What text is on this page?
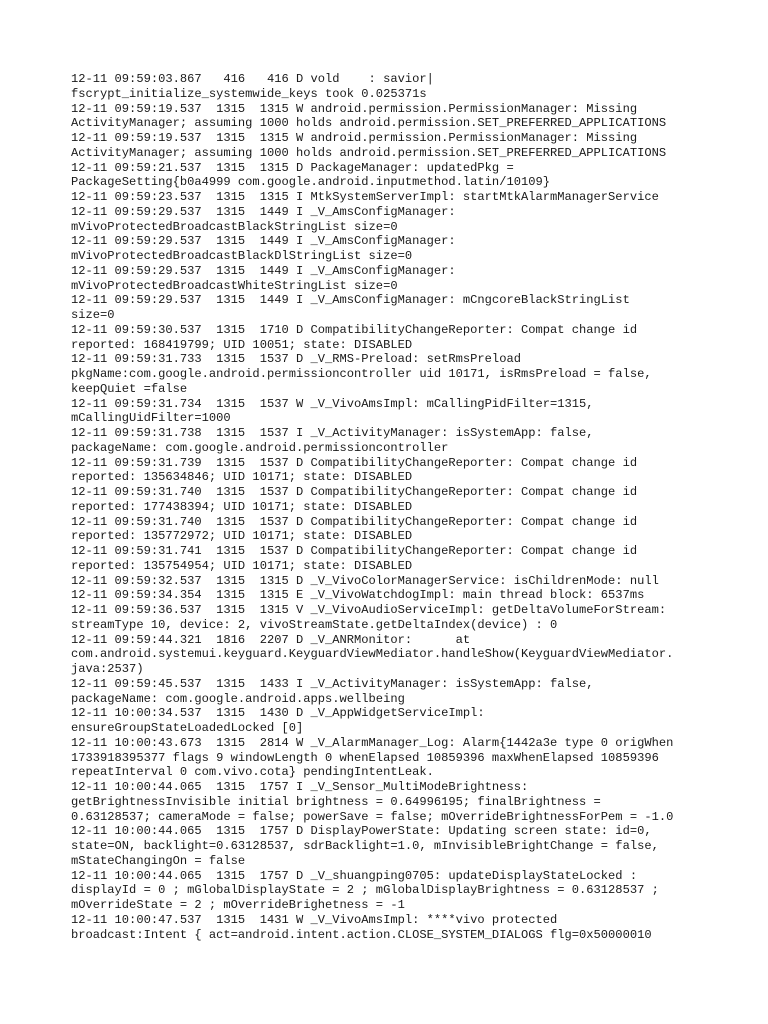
12-11 09:59:03.867   416   416 D vold    : savior|
fscrypt_initialize_systemwide_keys took 0.025371s
12-11 09:59:19.537  1315  1315 W android.permission.PermissionManager: Missing
ActivityManager; assuming 1000 holds android.permission.SET_PREFERRED_APPLICATIONS
12-11 09:59:19.537  1315  1315 W android.permission.PermissionManager: Missing
ActivityManager; assuming 1000 holds android.permission.SET_PREFERRED_APPLICATIONS
12-11 09:59:21.537  1315  1315 D PackageManager: updatedPkg =
PackageSetting{b0a4999 com.google.android.inputmethod.latin/10109}
12-11 09:59:23.537  1315  1315 I MtkSystemServerImpl: startMtkAlarmManagerService
12-11 09:59:29.537  1315  1449 I _V_AmsConfigManager:
mVivoProtectedBroadcastBlackStringList size=0
12-11 09:59:29.537  1315  1449 I _V_AmsConfigManager:
mVivoProtectedBroadcastBlackDlStringList size=0
12-11 09:59:29.537  1315  1449 I _V_AmsConfigManager:
mVivoProtectedBroadcastWhiteStringList size=0
12-11 09:59:29.537  1315  1449 I _V_AmsConfigManager: mCngcoreBlackStringList
size=0
12-11 09:59:30.537  1315  1710 D CompatibilityChangeReporter: Compat change id
reported: 168419799; UID 10051; state: DISABLED
12-11 09:59:31.733  1315  1537 D _V_RMS-Preload: setRmsPreload
pkgName:com.google.android.permissioncontroller uid 10171, isRmsPreload = false,
keepQuiet =false
12-11 09:59:31.734  1315  1537 W _V_VivoAmsImpl: mCallingPidFilter=1315,
mCallingUidFilter=1000
12-11 09:59:31.738  1315  1537 I _V_ActivityManager: isSystemApp: false,
packageName: com.google.android.permissioncontroller
12-11 09:59:31.739  1315  1537 D CompatibilityChangeReporter: Compat change id
reported: 135634846; UID 10171; state: DISABLED
12-11 09:59:31.740  1315  1537 D CompatibilityChangeReporter: Compat change id
reported: 177438394; UID 10171; state: DISABLED
12-11 09:59:31.740  1315  1537 D CompatibilityChangeReporter: Compat change id
reported: 135772972; UID 10171; state: DISABLED
12-11 09:59:31.741  1315  1537 D CompatibilityChangeReporter: Compat change id
reported: 135754954; UID 10171; state: DISABLED
12-11 09:59:32.537  1315  1315 D _V_VivoColorManagerService: isChildrenMode: null
12-11 09:59:34.354  1315  1315 E _V_VivoWatchdogImpl: main thread block: 6537ms
12-11 09:59:36.537  1315  1315 V _V_VivoAudioServiceImpl: getDeltaVolumeForStream:
streamType 10, device: 2, vivoStreamState.getDeltaIndex(device) : 0
12-11 09:59:44.321  1816  2207 D _V_ANRMonitor:      at
com.android.systemui.keyguard.KeyguardViewMediator.handleShow(KeyguardViewMediator.
java:2537)
12-11 09:59:45.537  1315  1433 I _V_ActivityManager: isSystemApp: false,
packageName: com.google.android.apps.wellbeing
12-11 10:00:34.537  1315  1430 D _V_AppWidgetServiceImpl:
ensureGroupStateLoadedLocked [0]
12-11 10:00:43.673  1315  2814 W _V_AlarmManager_Log: Alarm{1442a3e type 0 origWhen
1733918395377 flags 9 windowLength 0 whenElapsed 10859396 maxWhenElapsed 10859396
repeatInterval 0 com.vivo.cota} pendingIntentLeak.
12-11 10:00:44.065  1315  1757 I _V_Sensor_MultiModeBrightness:
getBrightnessInvisible initial brightness = 0.64996195; finalBrightness =
0.63128537; cameraMode = false; powerSave = false; mOverrideBrightnessForPem = -1.0
12-11 10:00:44.065  1315  1757 D DisplayPowerState: Updating screen state: id=0,
state=ON, backlight=0.63128537, sdrBacklight=1.0, mInvisibleBrightChange = false,
mStateChangingOn = false
12-11 10:00:44.065  1315  1757 D _V_shuangping0705: updateDisplayStateLocked :
displayId = 0 ; mGlobalDisplayState = 2 ; mGlobalDisplayBrightness = 0.63128537 ;
mOverrideState = 2 ; mOverrideBrighetness = -1
12-11 10:00:47.537  1315  1431 W _V_VivoAmsImpl: ****vivo protected
broadcast:Intent { act=android.intent.action.CLOSE_SYSTEM_DIALOGS flg=0x50000010
